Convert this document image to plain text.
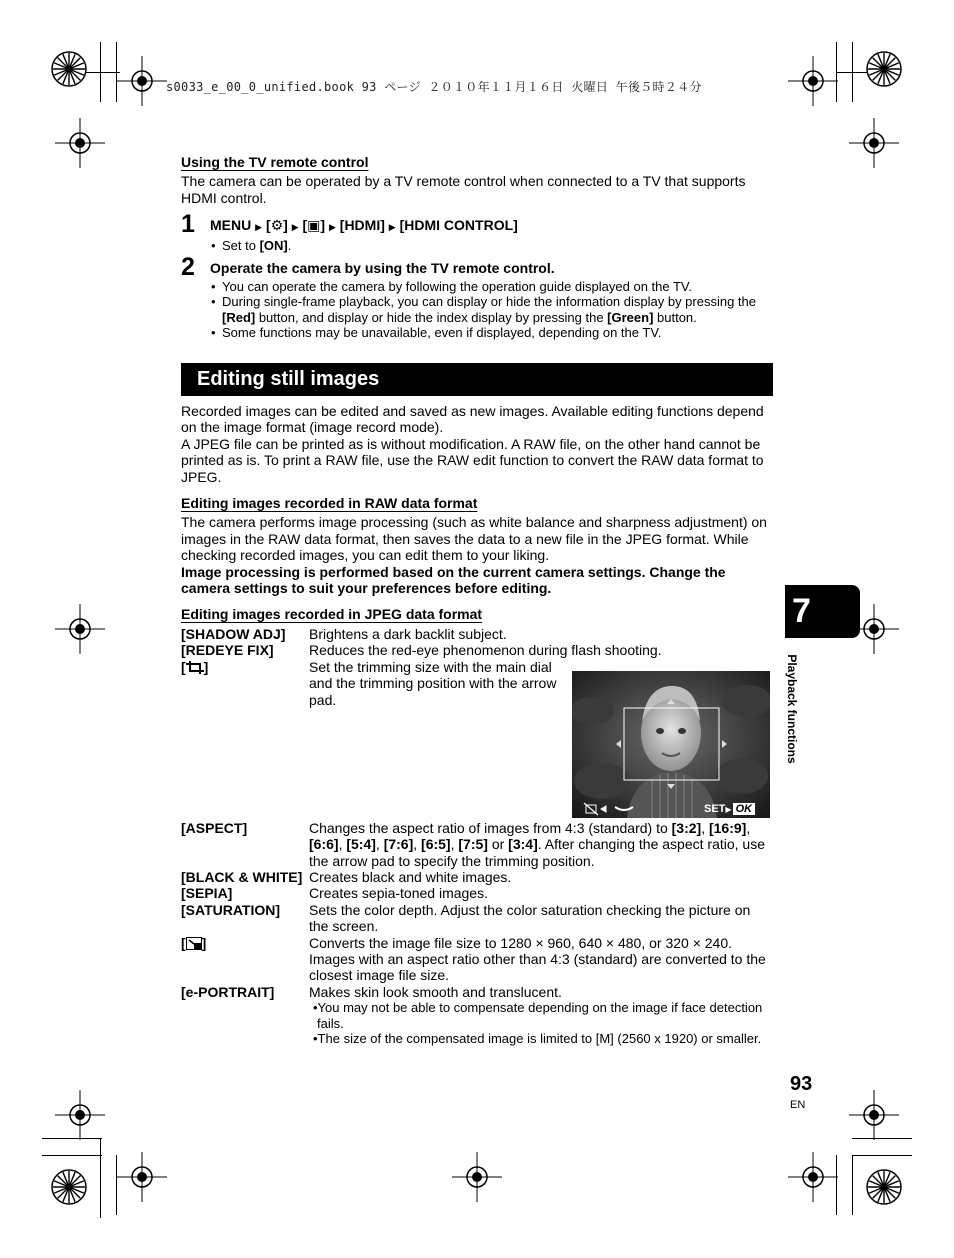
s0033_e_00_0_unified.book 93 ページ ２０１０年１１月１６日 火曜日 午後５時２４分
Using the TV remote control

The camera can be operated by a TV remote control when connected to a TV that supports HDMI control.

1 MENU ▶ [⚙] ▶ [▣] ▶ [HDMI] ▶ [HDMI CONTROL]
• Set to [ON].
2 Operate the camera by using the TV remote control.
• You can operate the camera by following the operation guide displayed on the TV.
• During single-frame playback, you can display or hide the information display by pressing the [Red] button, and display or hide the index display by pressing the [Green] button.
• Some functions may be unavailable, even if displayed, depending on the TV.
Editing still images

Recorded images can be edited and saved as new images. Available editing functions depend on the image format (image record mode).

A JPEG file can be printed as is without modification. A RAW file, on the other hand cannot be printed as is. To print a RAW file, use the RAW edit function to convert the RAW data format to JPEG.

Editing images recorded in RAW data format

The camera performs image processing (such as white balance and sharpness adjustment) on images in the RAW data format, then saves the data to a new file in the JPEG format. While checking recorded images, you can edit them to your liking.

Image processing is performed based on the current camera settings. Change the camera settings to suit your preferences before editing.

Editing images recorded in JPEG data format
[SHADOW ADJ]	Brightens a dark backlit subject.
[REDEYE FIX]	Reduces the red-eye phenomenon during flash shooting.
[ ]	Set the trimming size with the main dial and the trimming position with the arrow pad.

[ASPECT]	Changes the aspect ratio of images from 4:3 (standard) to [3:2], [16:9], [6:6], [5:4], [7:6], [6:5], [7:5] or [3:4]. After changing the aspect ratio, use the arrow pad to specify the trimming position.
[BLACK & WHITE]	Creates black and white images.
[SEPIA]	Creates sepia-toned images.
[SATURATION]	Sets the color depth. Adjust the color saturation checking the picture on the screen.
[ ]	Converts the image file size to 1280 × 960, 640 × 480, or 320 × 240. Images with an aspect ratio other than 4:3 (standard) are converted to the closest image file size.
[e-PORTRAIT]	Makes skin look smooth and translucent.
•You may not be able to compensate depending on the image if face detection fails.
•The size of the compensated image is limited to [M] (2560 x 1920) or smaller.
SET▶ OK
7
Playback functions
93
EN
